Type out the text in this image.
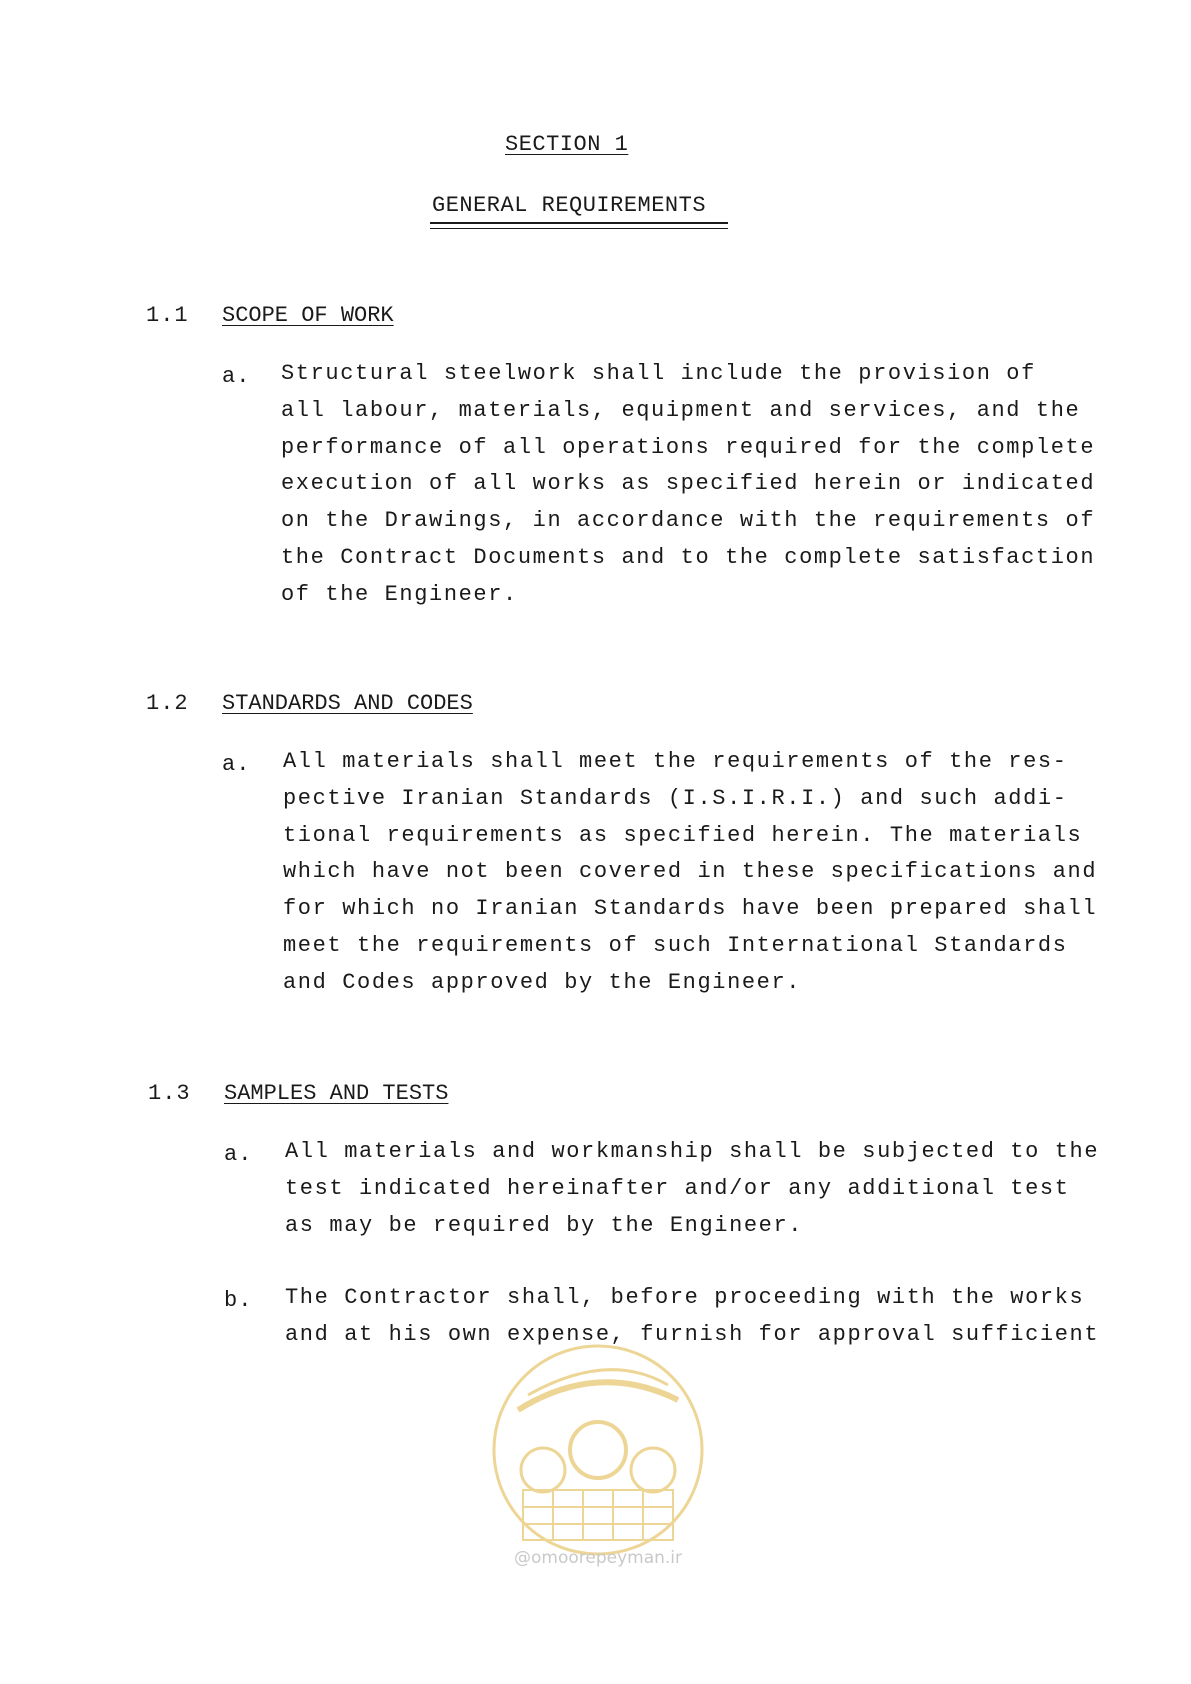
SECTION 1
GENERAL REQUIREMENTS
1.1 SCOPE OF WORK
a. Structural steelwork shall include the provision of
all labour, materials, equipment and services, and the
performance of all operations required for the complete
execution of all works as specified herein or indicated
on the Drawings, in accordance with the requirements of
the Contract Documents and to the complete satisfaction
of the Engineer.
1.2 STANDARDS AND CODES
a. All materials shall meet the requirements of the res-
pective Iranian Standards (I.S.I.R.I.) and such addi-
tional requirements as specified herein. The materials
which have not been covered in these specifications and
for which no Iranian Standards have been prepared shall
meet the requirements of such International Standards
and Codes approved by the Engineer.
1.3 SAMPLES AND TESTS
a. All materials and workmanship shall be subjected to the
test indicated hereinafter and/or any additional test
as may be required by the Engineer.
b. The Contractor shall, before proceeding with the works
and at his own expense, furnish for approval sufficient
@omoorepeyman.ir
